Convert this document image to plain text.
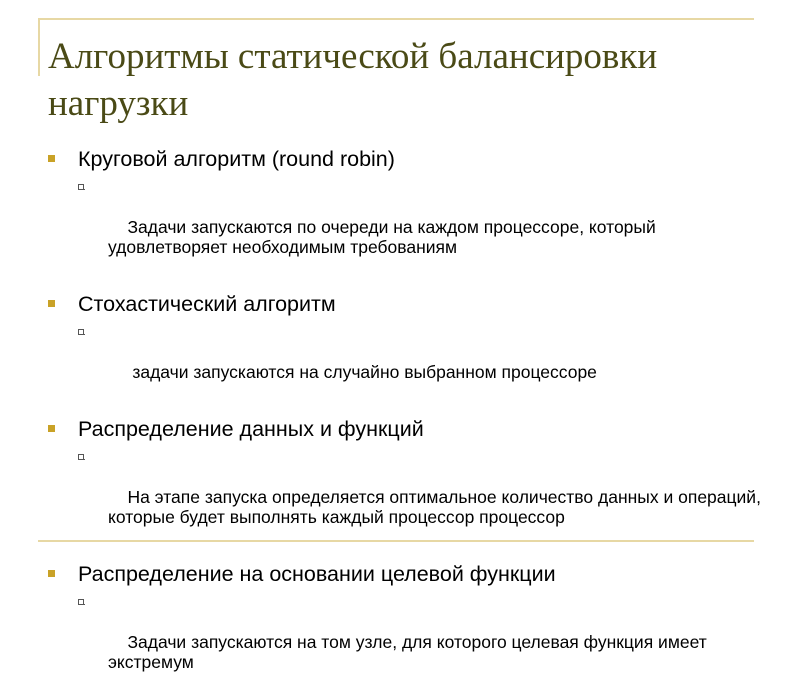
Алгоритмы статической балансировки нагрузки
Круговой алгоритм (round robin)

Задачи запускаются по очереди на каждом процессоре, который удовлетворяет необходимым требованиям

Стохастический алгоритм

задачи запускаются на случайно выбранном процессоре

Распределение данных и функций

На этапе запуска определяется оптимальное количество данных и операций, которые будет выполнять каждый процессор процессор

Распределение на основании целевой функции

Задачи запускаются на том узле, для которого целевая функция имеет экстремум
